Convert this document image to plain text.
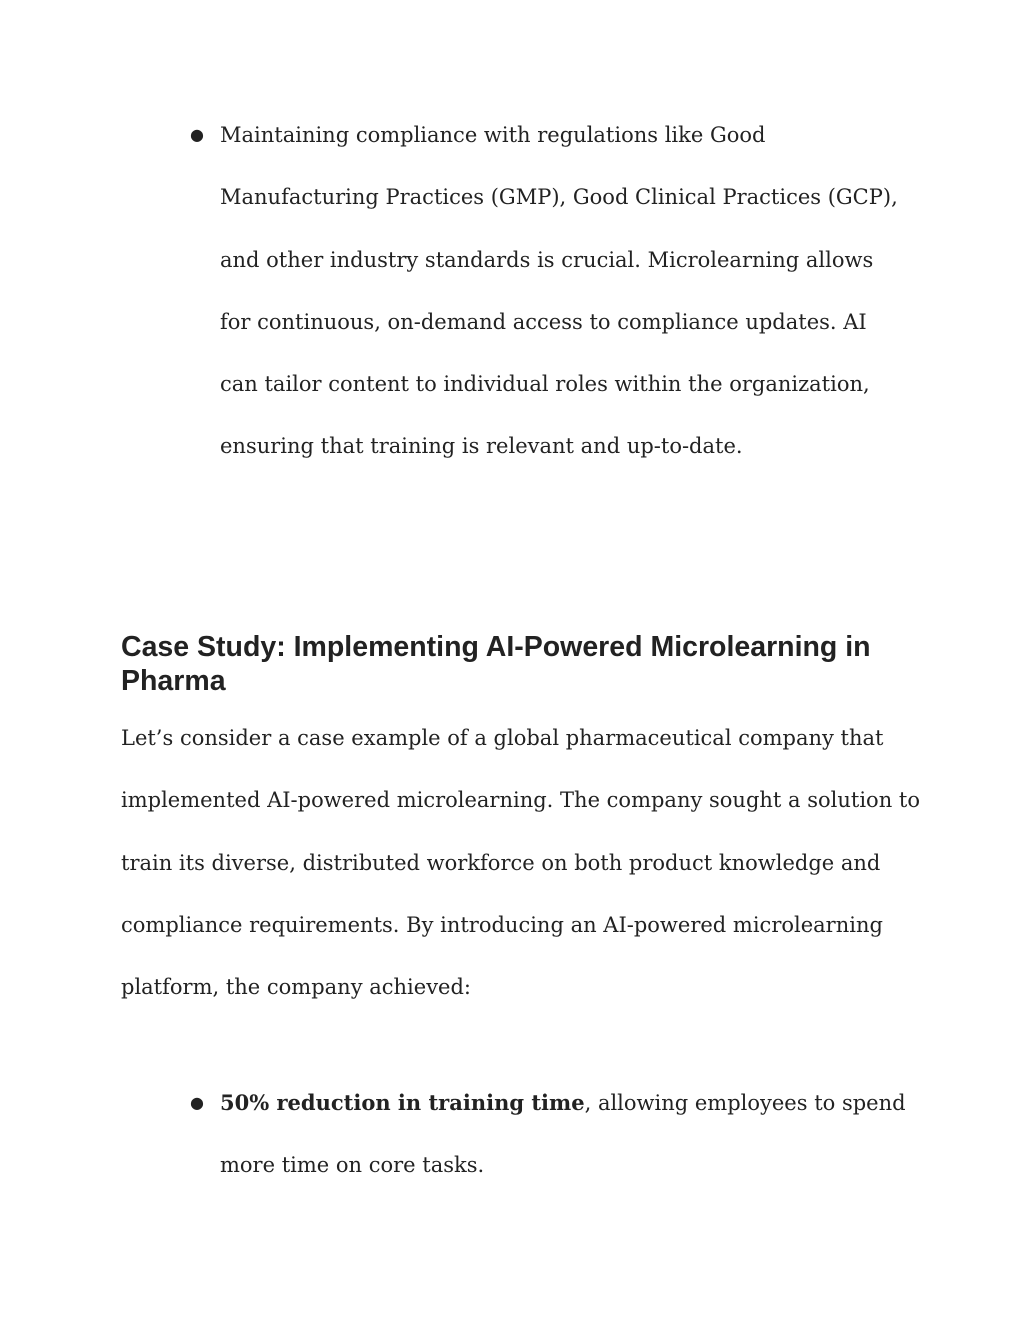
● Maintaining compliance with regulations like Good Manufacturing Practices (GMP), Good Clinical Practices (GCP), and other industry standards is crucial. Microlearning allows for continuous, on-demand access to compliance updates. AI can tailor content to individual roles within the organization, ensuring that training is relevant and up-to-date.

Case Study: Implementing AI-Powered Microlearning in Pharma

Let’s consider a case example of a global pharmaceutical company that implemented AI-powered microlearning. The company sought a solution to train its diverse, distributed workforce on both product knowledge and compliance requirements. By introducing an AI-powered microlearning platform, the company achieved:

● 50% reduction in training time, allowing employees to spend more time on core tasks.
